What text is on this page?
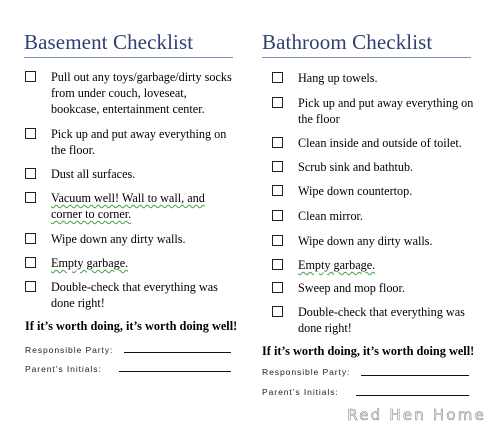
Basement Checklist
Pull out any toys/garbage/dirty socks from under couch, loveseat, bookcase, entertainment center.
Pick up and put away everything on the floor.
Dust all surfaces.
Vacuum well! Wall to wall, and corner to corner.
Wipe down any dirty walls.
Empty garbage.
Double-check that everything was done right!
If it’s worth doing, it’s worth doing well!
Responsible Party:
Parent’s Initials:
Bathroom Checklist
Hang up towels.
Pick up and put away everything on the floor
Clean inside and outside of toilet.
Scrub sink and bathtub.
Wipe down countertop.
Clean mirror.
Wipe down any dirty walls.
Empty garbage.
Sweep and mop floor.
Double-check that everything was done right!
If it’s worth doing, it’s worth doing well!
Responsible Party:
Parent’s Initials:
Red Hen Home
